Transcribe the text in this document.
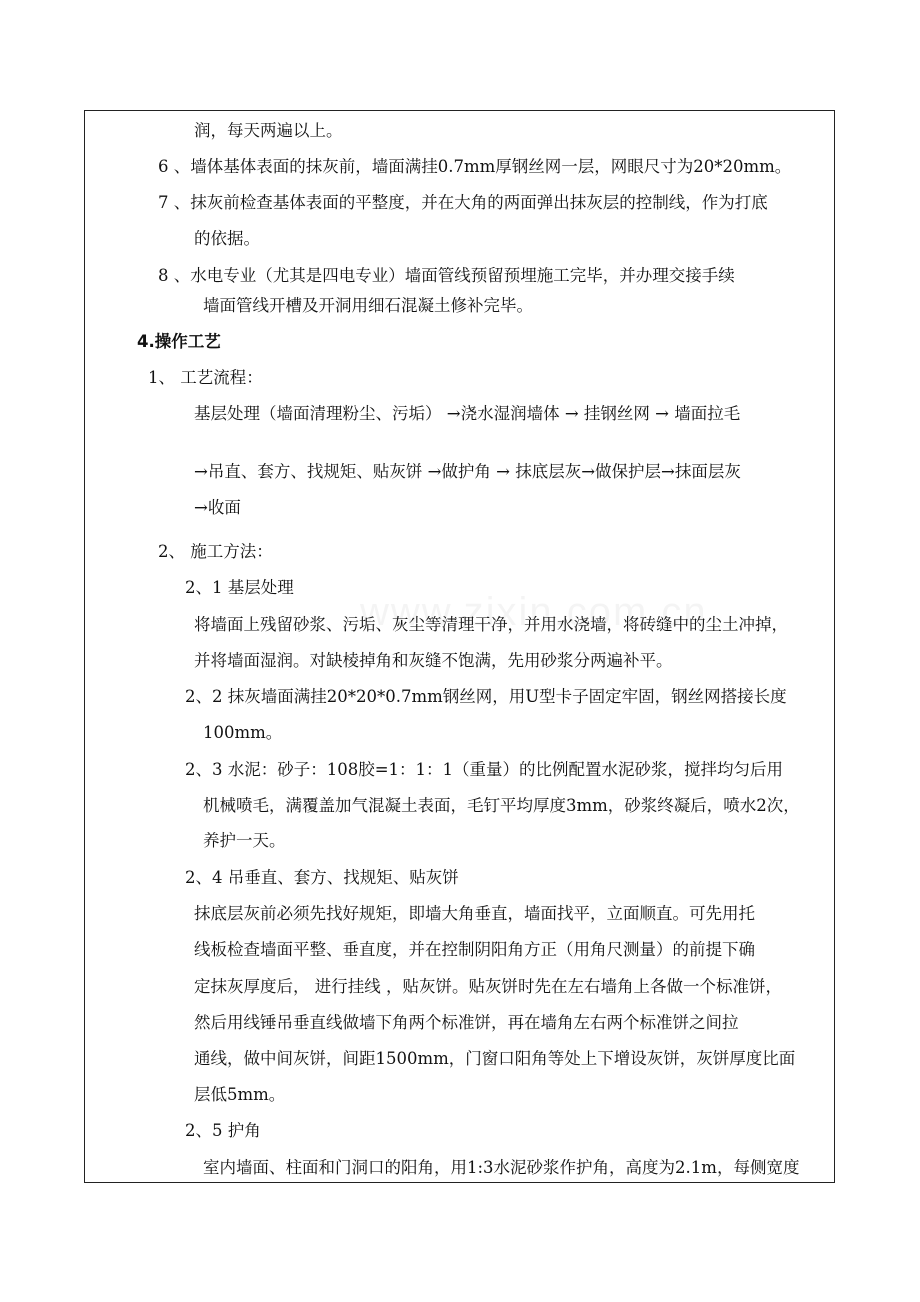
润，每天两遍以上。
6 、墙体基体表面的抹灰前，墙面满挂0.7mm厚钢丝网一层，网眼尺寸为20*20mm。
7 、抹灰前检查基体表面的平整度，并在大角的两面弹出抹灰层的控制线，作为打底
的依据。
8 、水电专业（尤其是四电专业）墙面管线预留预埋施工完毕，并办理交接手续
墙面管线开槽及开洞用细石混凝土修补完毕。
4.操作工艺
1、 工艺流程：
基层处理（墙面清理粉尘、污垢） →浇水湿润墙体 → 挂钢丝网 → 墙面拉毛
→吊直、套方、找规矩、贴灰饼 →做护角 → 抹底层灰→做保护层→抹面层灰
→收面
2、 施工方法：
2、1 基层处理
将墙面上残留砂浆、污垢、灰尘等清理干净，并用水浇墙，将砖缝中的尘土冲掉，
并将墙面湿润。对缺棱掉角和灰缝不饱满，先用砂浆分两遍补平。
2、2 抹灰墙面满挂20*20*0.7mm钢丝网，用U型卡子固定牢固，钢丝网搭接长度
100mm。
2、3 水泥：砂子：108胶=1：1：1（重量）的比例配置水泥砂浆，搅拌均匀后用
机械喷毛，满覆盖加气混凝土表面，毛钉平均厚度3mm，砂浆终凝后，喷水2次，
养护一天。
2、4 吊垂直、套方、找规矩、贴灰饼
抹底层灰前必须先找好规矩，即墙大角垂直，墙面找平，立面顺直。可先用托
线板检查墙面平整、垂直度，并在控制阴阳角方正（用角尺测量）的前提下确
定抹灰厚度后， 进行挂线 ，贴灰饼。贴灰饼时先在左右墙角上各做一个标准饼，
然后用线锤吊垂直线做墙下角两个标准饼，再在墙角左右两个标准饼之间拉
通线，做中间灰饼，间距1500mm，门窗口阳角等处上下增设灰饼，灰饼厚度比面
层低5mm。
2、5 护角
室内墙面、柱面和门洞口的阳角，用1:3水泥砂浆作护角，高度为2.1m，每侧宽度
